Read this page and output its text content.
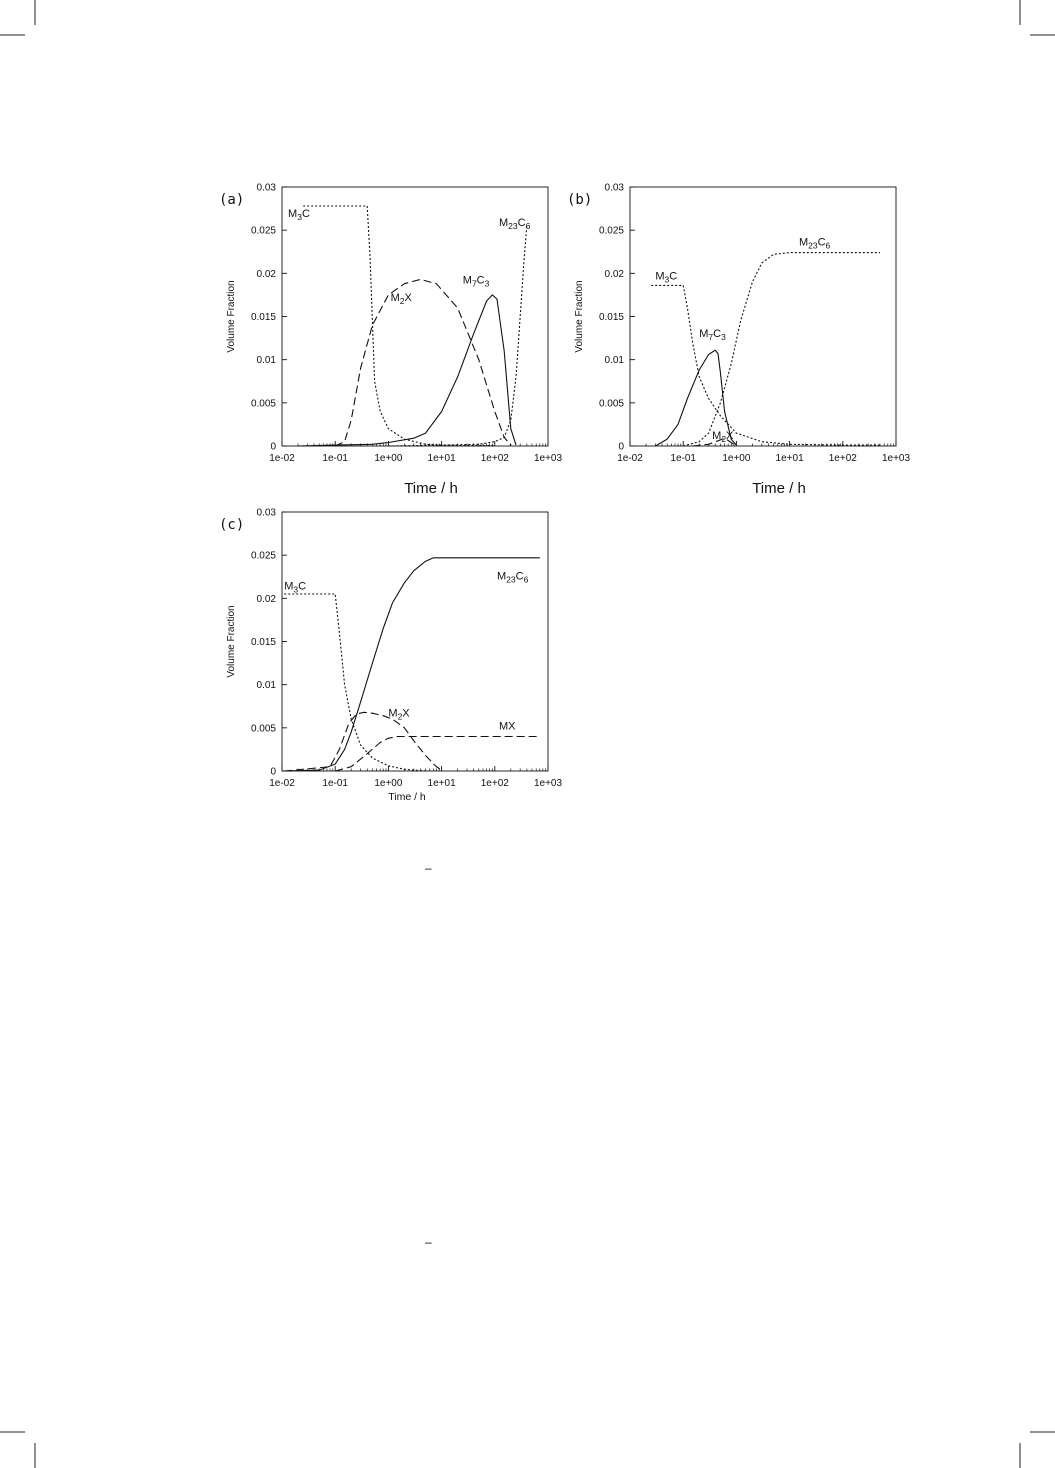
–
–
1e-02	1e-01	1e+00	1e+01	1e+02	1e+03
0
0.005
0.01
0.015
0.02
0.025
0.03
Volume Fraction
Time / h
(a)
$M_3C$
$M_2X$
$M_7C_3$
$M_{23}C_6$
1e-02	1e-01	1e+00	1e+01	1e+02	1e+03
0
0.005
0.01
0.015
0.02
0.025
0.03
Volume Fraction
Time / h
(b)
$M_3C$
$M_7C_3$
$M_2X$
$M_{23}C_6$
1e-02	1e-01	1e+00	1e+01	1e+02	1e+03
0
0.005
0.01
0.015
0.02
0.025
0.03
Volume Fraction
Time / h
(c)
$M_3C$
$M_2X$
$M_{23}C_6$
MX
